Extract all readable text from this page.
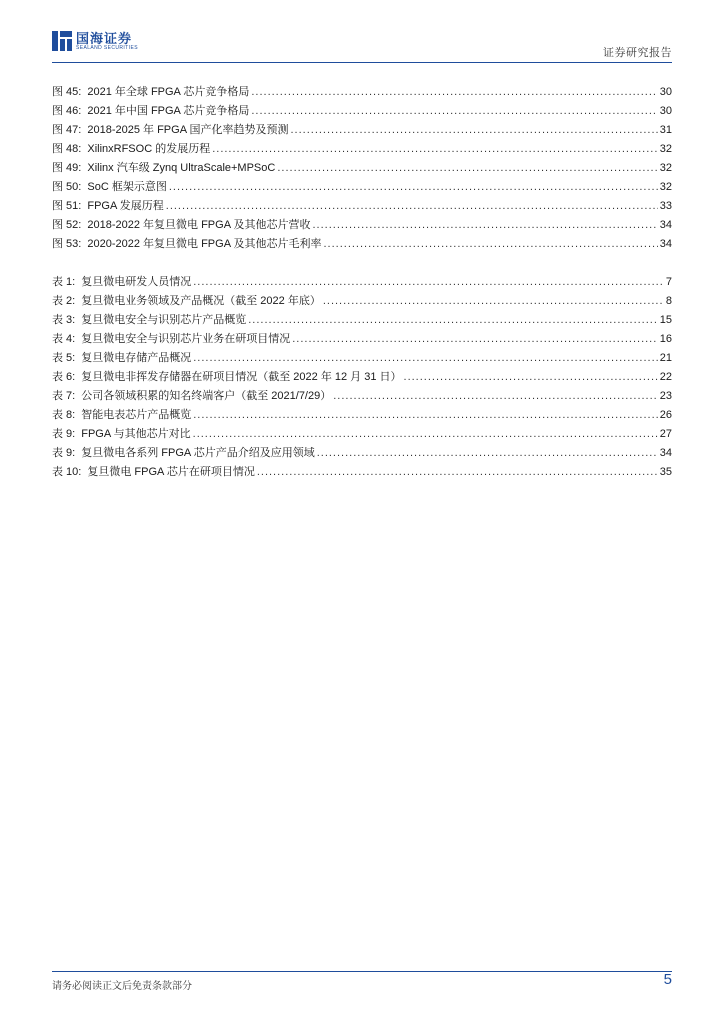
国海证券
SEALAND SECURITIES	证券研究报告
图 45: 2021 年全球 FPGA 芯片竞争格局 .....	30
图 46: 2021 年中国 FPGA 芯片竞争格局 .....	30
图 47: 2018-2025 年 FPGA 国产化率趋势及预测 .....	31
图 48: XilinxRFSOC 的发展历程 .....	32
图 49: Xilinx 汽车级 Zynq UltraScale+MPSoC .....	32
图 50: SoC 框架示意图 .....	32
图 51: FPGA 发展历程 .....	33
图 52: 2018-2022 年复旦微电 FPGA 及其他芯片营收 .....	34
图 53: 2020-2022 年复旦微电 FPGA 及其他芯片毛利率 .....	34
表 1: 复旦微电研发人员情况 .....	7
表 2: 复旦微电业务领域及产品概况（截至 2022 年底） .....	8
表 3: 复旦微电安全与识别芯片产品概览 .....	15
表 4: 复旦微电安全与识别芯片业务在研项目情况 .....	16
表 5: 复旦微电存储产品概况 .....	21
表 6: 复旦微电非挥发存储器在研项目情况（截至 2022 年 12 月 31 日） .....	22
表 7: 公司各领域积累的知名终端客户（截至 2021/7/29） .....	23
表 8: 智能电表芯片产品概览 .....	26
表 9: FPGA 与其他芯片对比 .....	27
表 9: 复旦微电各系列 FPGA 芯片产品介绍及应用领域 .....	34
表 10: 复旦微电 FPGA 芯片在研项目情况 .....	35
请务必阅读正文后免责条款部分	5
